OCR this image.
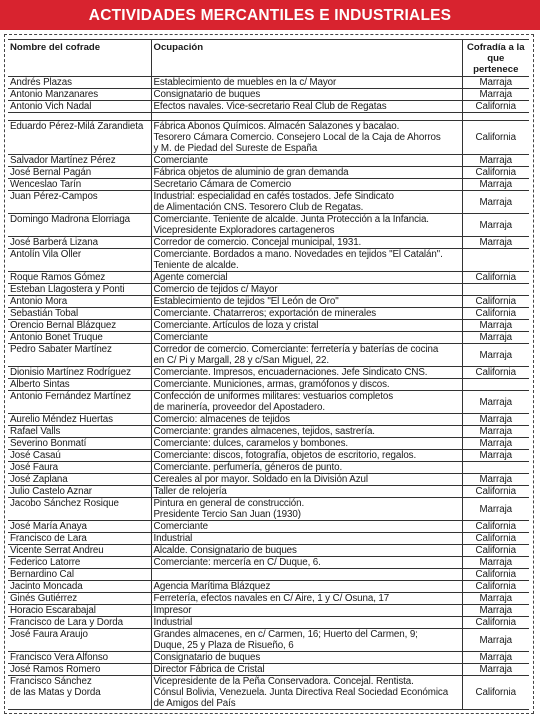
ACTIVIDADES MERCANTILES E INDUSTRIALES
Nombre del cofrade	Ocupación	Cofradía a la
que pertenece
Andrés Plazas	Establecimiento de muebles en la c/ Mayor	Marraja
Antonio Manzanares	Consignatario de buques	Marraja
Antonio Vich Nadal	Efectos navales. Vice-secretario Real Club de Regatas	California

Eduardo Pérez-Milá Zarandieta	Fábrica Abonos Químicos. Almacén Salazones y bacalao.
Tesorero Cámara Comercio. Consejero Local de la Caja de Ahorros
y M. de Piedad del Sureste de España	California
Salvador Martínez Pérez	Comerciante	Marraja
José Bernal Pagán	Fábrica objetos de aluminio de gran demanda	California
Wenceslao Tarín	Secretario Cámara de Comercio	Marraja
Juan Pérez-Campos	Industrial: especialidad en cafés tostados. Jefe Sindicato
de Alimentación CNS. Tesorero Club de Regatas.	Marraja
Domingo Madrona Elorriaga	Comerciante. Teniente de alcalde. Junta Protección a la Infancia.
Vicepresidente Exploradores cartageneros	Marraja
José Barberá Lizana	Corredor de comercio. Concejal municipal, 1931.	Marraja
Antolín Vila Oller	Comerciante. Bordados a mano. Novedades en tejidos "El Catalán".
Teniente de alcalde.	
Roque Ramos Gómez	Agente comercial	California
Esteban Llagostera y Ponti	Comercio de tejidos c/ Mayor	
Antonio Mora	Establecimiento de tejidos "El León de Oro"	California
Sebastián Tobal	Comerciante. Chatarreros; exportación de minerales	California
Orencio Bernal Blázquez	Comerciante. Artículos de loza y cristal	Marraja
Antonio Bonet Truque	Comerciante	Marraja
Pedro Sabater Martínez	Corredor de comercio. Comerciante: ferretería y baterías de cocina
en C/ Pi y Margall, 28 y c/San Miguel, 22.	Marraja
Dionisio Martínez Rodríguez	Comerciante. Impresos, encuadernaciones. Jefe Sindicato CNS.	California
Alberto Sintas	Comerciante. Municiones, armas, gramófonos y discos.	
Antonio Fernández Martínez	Confección de uniformes militares: vestuarios completos
de marinería, proveedor del Apostadero.	Marraja
Aurelio Méndez Huertas	Comercio: almacenes de tejidos	Marraja
Rafael Valls	Comerciante: grandes almacenes, tejidos, sastrería.	Marraja
Severino Bonmatí	Comerciante: dulces, caramelos y bombones.	Marraja
José Casaú	Comerciante: discos, fotografía, objetos de escritorio, regalos.	Marraja
José Faura	Comerciante. perfumería, géneros de punto.	
José Zaplana	Cereales al por mayor. Soldado en la División Azul	Marraja
Julio Castelo Aznar	Taller de relojería	California
Jacobo Sánchez Rosique	Pintura en general de construcción.
Presidente Tercio San Juan (1930)	Marraja
José María Anaya	Comerciante	California
Francisco de Lara	Industrial	California
Vicente Serrat Andreu	Alcalde. Consignatario de buques	California
Federico Latorre	Comerciante: mercería en C/ Duque, 6.	Marraja
Bernardino Cal		California
Jacinto Moncada	Agencia Marítima Blázquez	California
Ginés Gutiérrez	Ferretería, efectos navales en C/ Aire, 1 y C/ Osuna, 17	Marraja
Horacio Escarabajal	Impresor	Marraja
Francisco de Lara y Dorda	Industrial	California
José Faura Araujo	Grandes almacenes, en c/ Carmen, 16; Huerto del Carmen, 9;
Duque, 25 y Plaza de Risueño, 6	Marraja
Francisco Vera Alfonso	Consignatario de buques	Marraja
José Ramos Romero	Director Fábrica de Cristal	Marraja
Francisco Sánchez
de las Matas y Dorda	Vicepresidente de la Peña Conservadora. Concejal. Rentista.
Cónsul Bolivia, Venezuela. Junta Directiva Real Sociedad Económica
de Amigos del País	California
